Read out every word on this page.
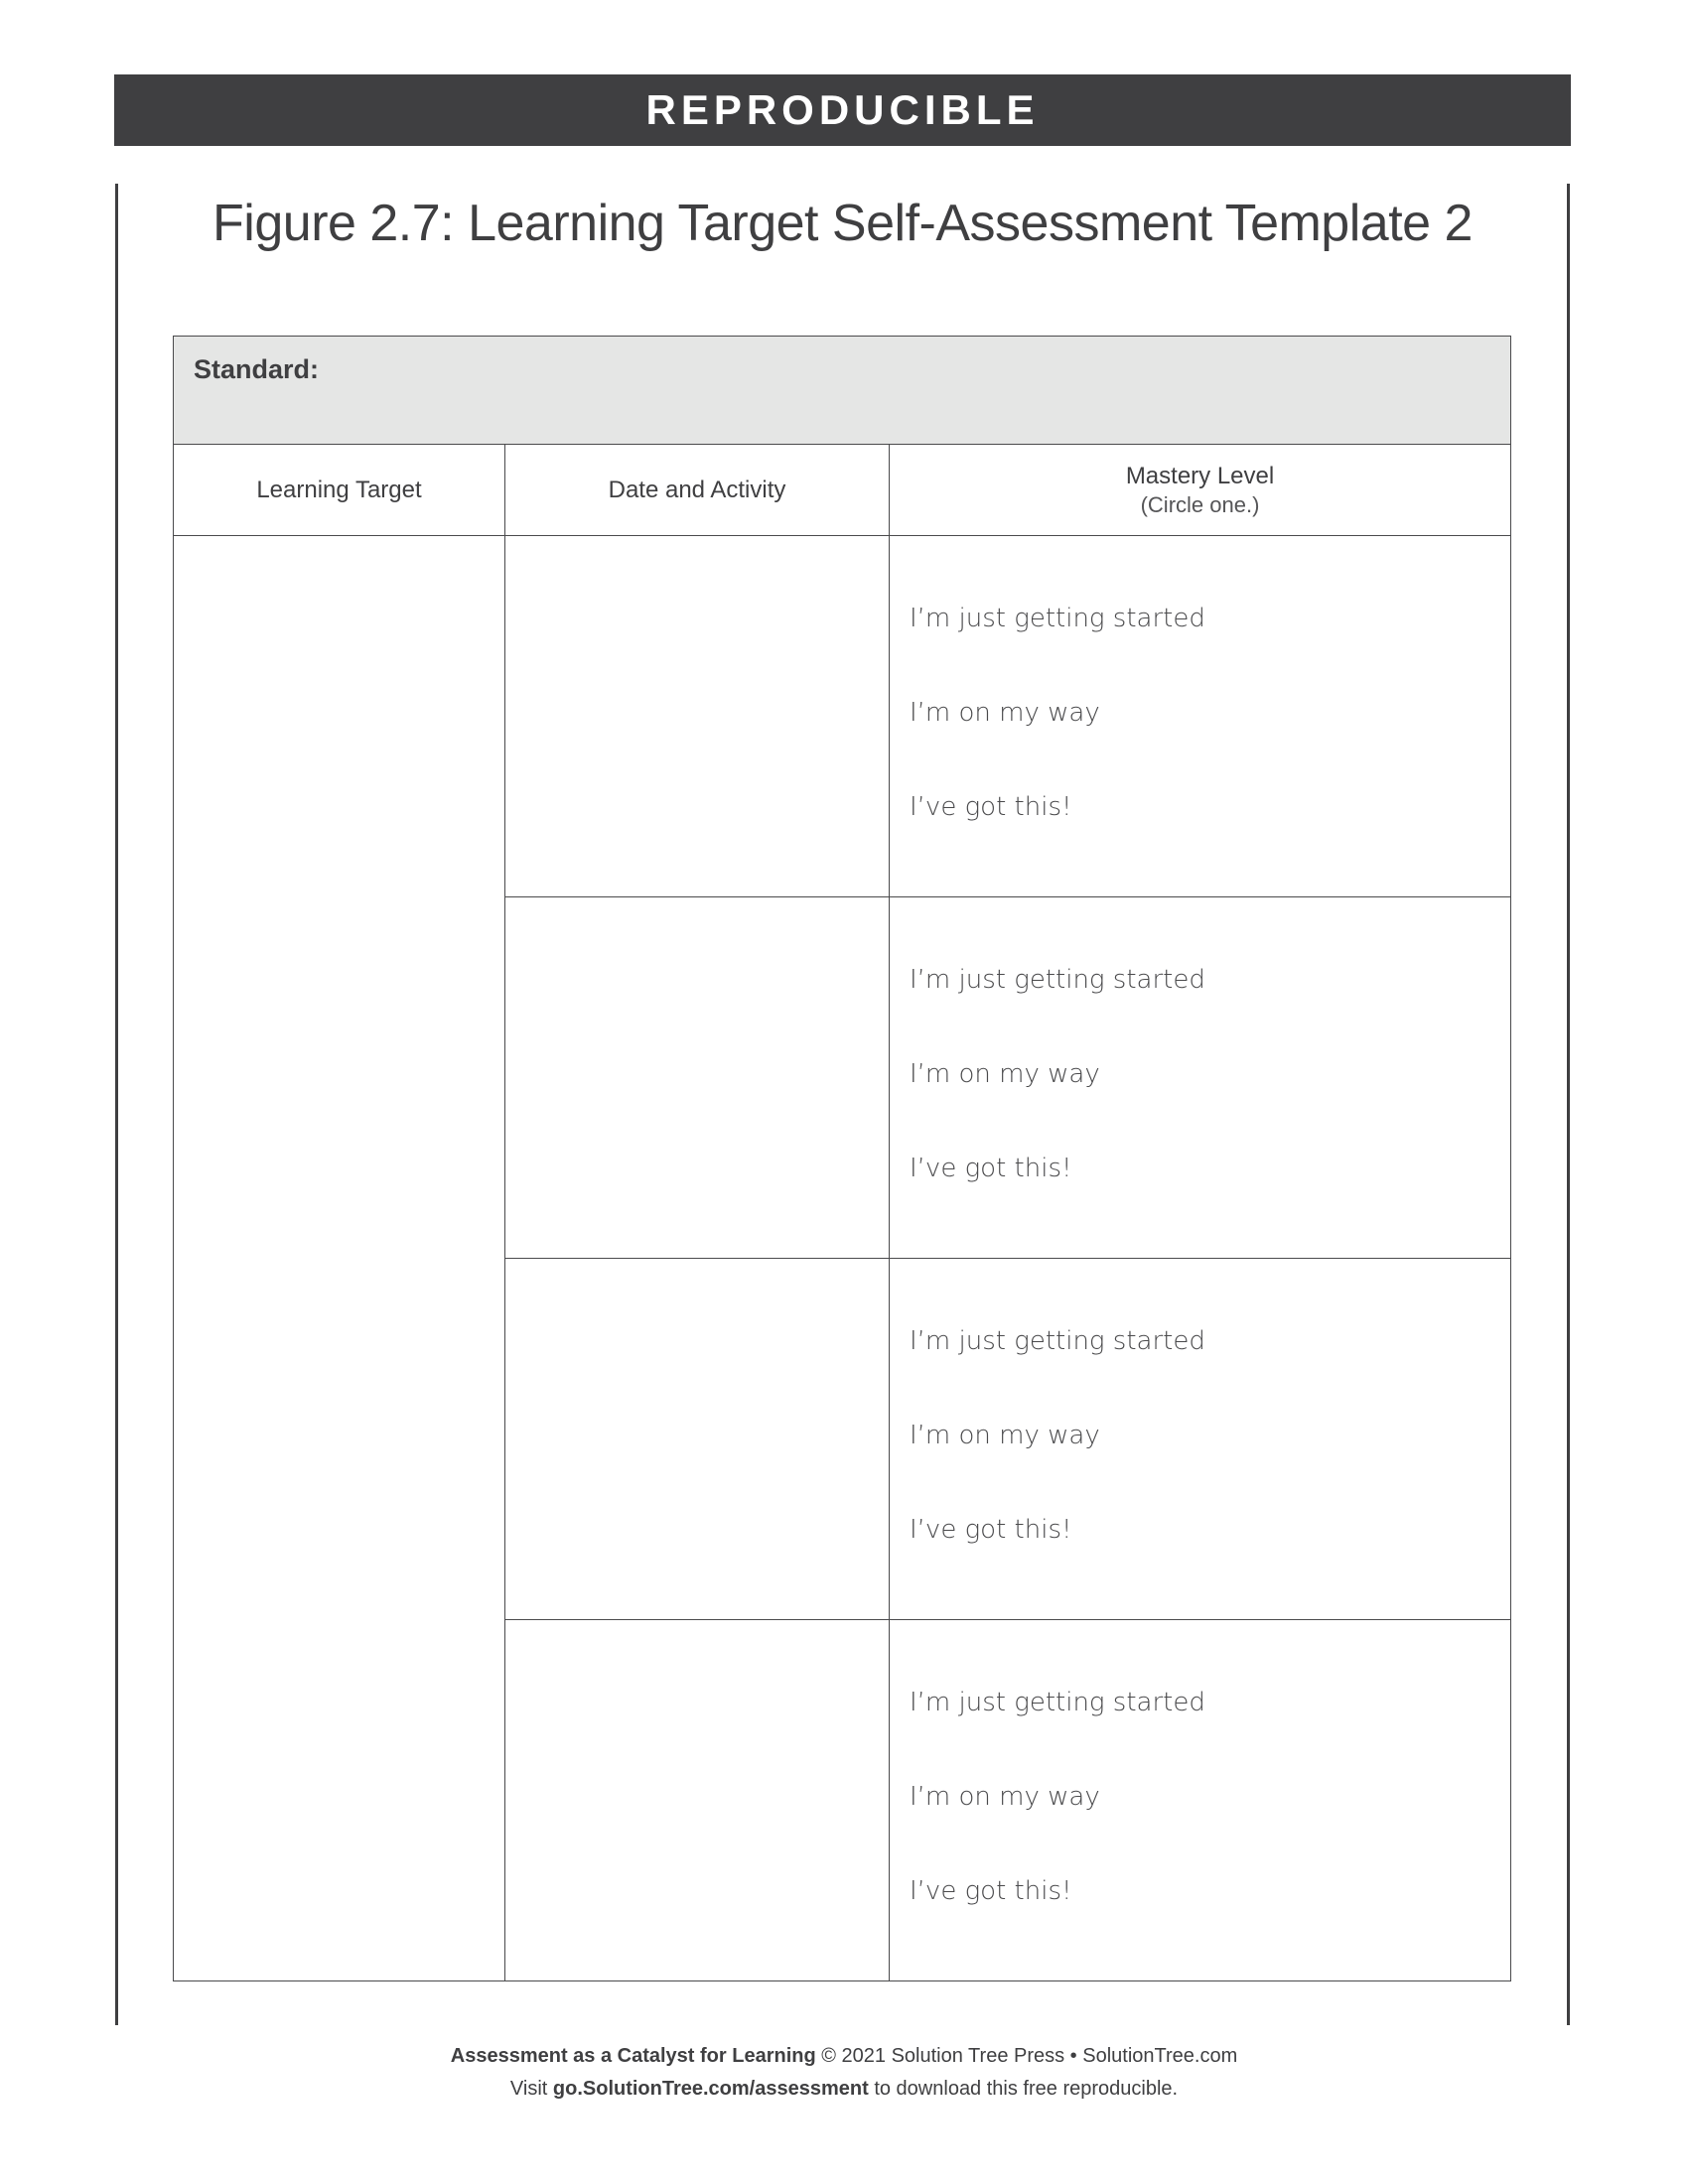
REPRODUCIBLE
Figure 2.7: Learning Target Self-Assessment Template 2
Standard:		

Learning Target	Date and Activity	Mastery Level
(Circle one.)

		I’m just getting started
I’m on my way
I’ve got this!

		I’m just getting started
I’m on my way
I’ve got this!

		I’m just getting started
I’m on my way
I’ve got this!

		I’m just getting started
I’m on my way
I’ve got this!
Assessment as a Catalyst for Learning © 2021 Solution Tree Press • SolutionTree.com
Visit go.SolutionTree.com/assessment to download this free reproducible.
